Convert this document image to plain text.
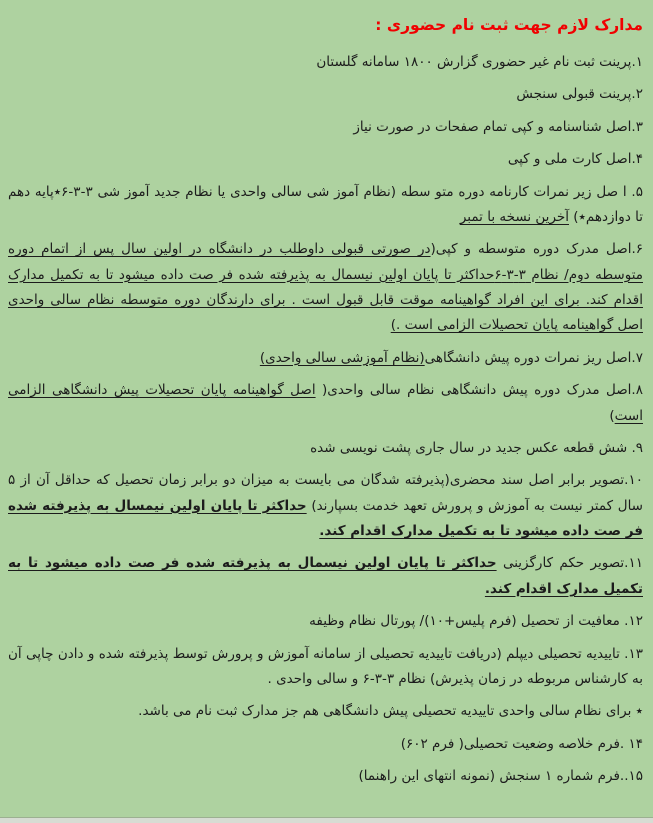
مدارک لازم جهت ثبت نام حضوری :

۱.پرینت ثبت نام غیر حضوری گزارش ۱۸۰۰ سامانه گلستان

۲.پرینت قبولی سنجش

۳.اصل شناسنامه و کپی تمام صفحات در صورت نیاز

۴.اصل کارت ملی و کپی

۵. ا صل زیر نمرات کارنامه دوره متو سطه (نظام آموز شی سالی واحدی یا نظام جدید آموز شی ۳-۳-۶٭پایه دهم تا دوازدهم٭) آخرین نسخه با تمبر

۶.اصل مدرک دوره متوسطه و کپی(در صورتی قبولی داوطلب در دانشگاه در اولین سال پس از اتمام دوره متوسطه دوم/ نظام ۳-۳-۶حداکثر تا پایان اولین نیسمال به پذیرفته شده فر صت داده میشود تا به تکمیل مدارک اقدام کند. برای این افراد گواهینامه موقت قابل قبول است . برای دارندگان دوره متوسطه نظام سالی واحدی اصل گواهینامه پایان تحصیلات الزامی است .)

۷.اصل ریز نمرات دوره پیش دانشگاهی(نظام آموزشی سالی واحدی)

۸.اصل مدرک دوره پیش دانشگاهی نظام سالی واحدی( اصل گواهینامه پایان تحصیلات پیش دانشگاهی الزامی است)

۹. شش قطعه عکس جدید در سال جاری پشت نویسی شده

۱۰.تصویر برابر اصل سند محضری(پذیرفته شدگان می بایست به میزان دو برابر زمان تحصیل که حداقل آن از ۵ سال کمتر نیست به آموزش و پرورش تعهد خدمت بسپارند) حداکثر تا پایان اولین نیمسال به پذیرفته شده فر صت داده میشود تا به تکمیل مدارک اقدام کند.

۱۱.تصویر حکم کارگزینی حداکثر تا پایان اولین نیسمال به پذیرفته شده فر صت داده میشود تا به تکمیل مدارک اقدام کند.

۱۲. معافیت از تحصیل (فرم پلیس+۱۰)/ پورتال نظام وظیفه

۱۳. تاییدیه تحصیلی دیپلم (دریافت تاییدیه تحصیلی از سامانه آموزش و پرورش توسط پذیرفته شده و دادن چاپی آن به کارشناس مربوطه در زمان پذیرش) نظام ۳-۳-۶ و سالی واحدی .

٭ برای نظام سالی واحدی تاییدیه تحصیلی پیش دانشگاهی هم جز مدارک ثبت نام می باشد.

۱۴ .فرم خلاصه وضعیت تحصیلی( فرم ۶۰۲)

۱۵..فرم شماره ۱ سنجش (نمونه انتهای این راهنما)
